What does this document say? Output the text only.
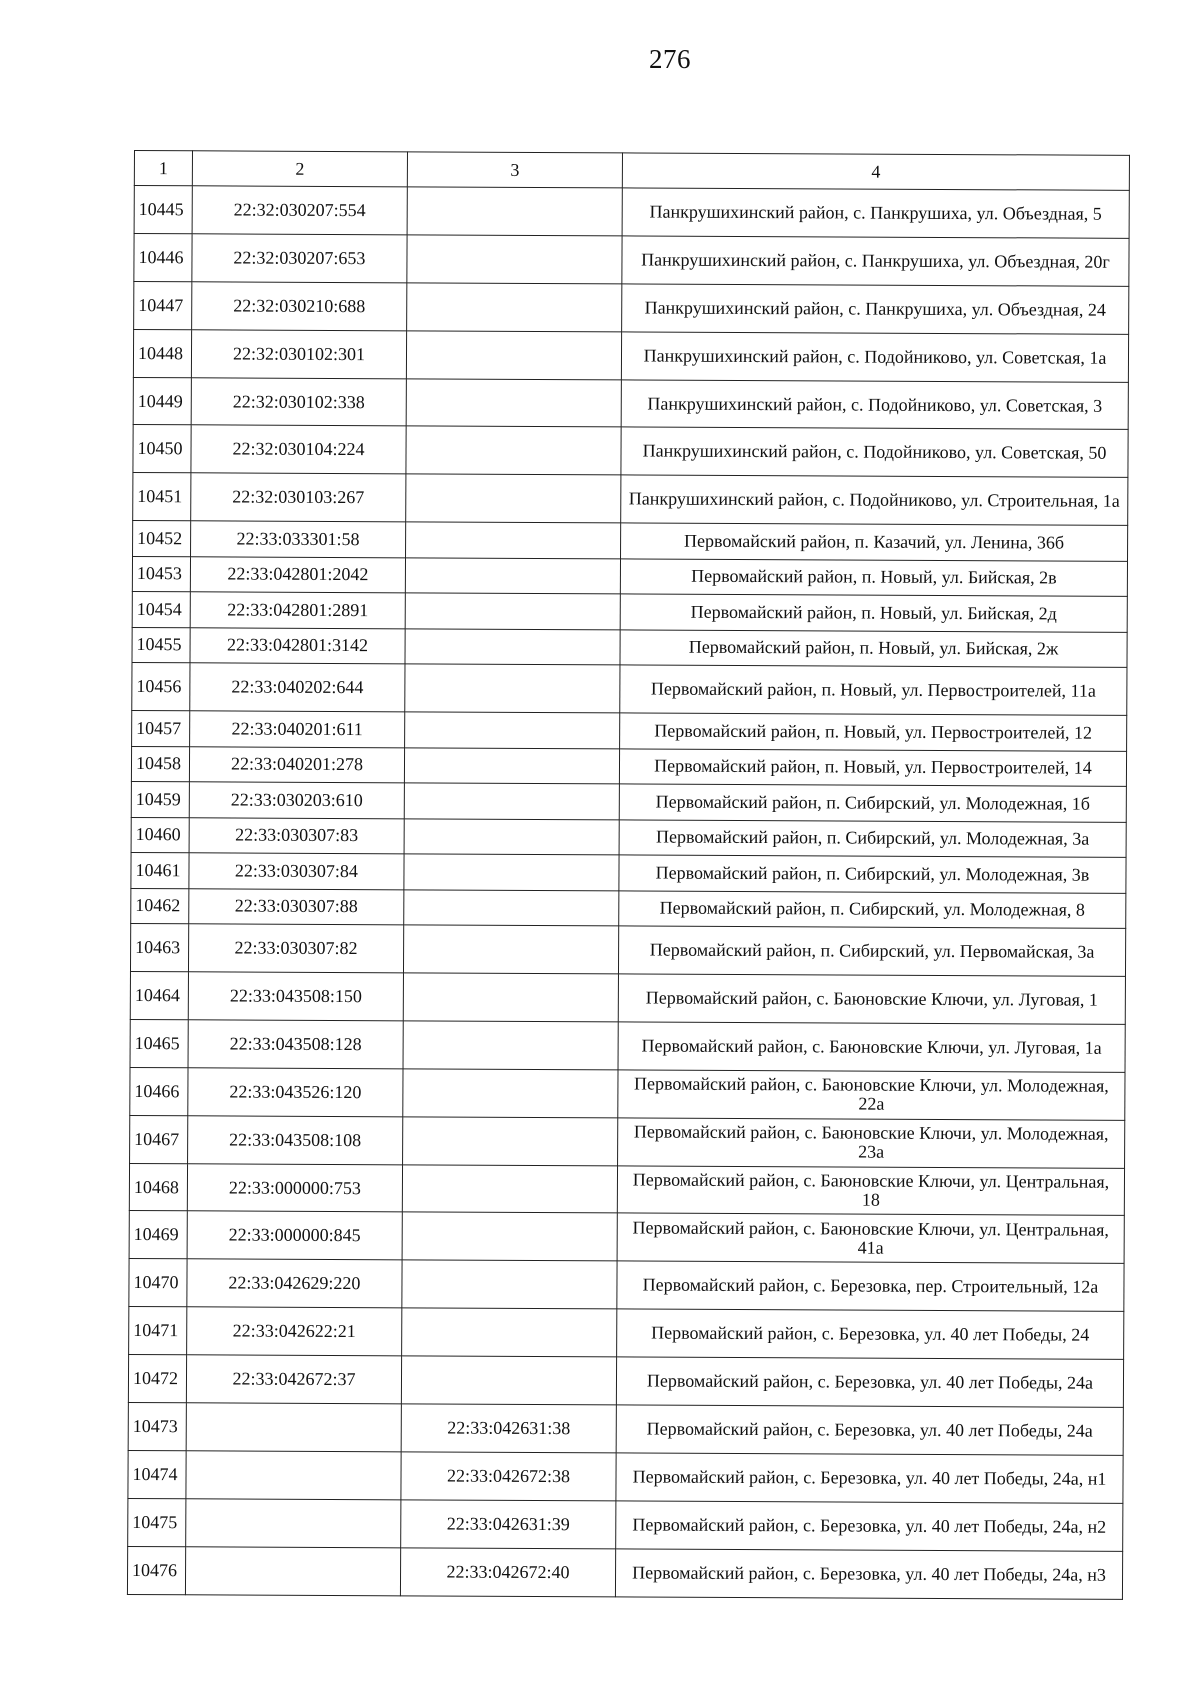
276
1	2	3	4
10445	22:32:030207:554		Панкрушихинский район, с. Панкрушиха, ул. Объездная, 5
10446	22:32:030207:653		Панкрушихинский район, с. Панкрушиха, ул. Объездная, 20г
10447	22:32:030210:688		Панкрушихинский район, с. Панкрушиха, ул. Объездная, 24
10448	22:32:030102:301		Панкрушихинский район, с. Подойниково, ул. Советская, 1а
10449	22:32:030102:338		Панкрушихинский район, с. Подойниково, ул. Советская, 3
10450	22:32:030104:224		Панкрушихинский район, с. Подойниково, ул. Советская, 50
10451	22:32:030103:267		Панкрушихинский район, с. Подойниково, ул. Строительная, 1а
10452	22:33:033301:58		Первомайский район, п. Казачий, ул. Ленина, 36б
10453	22:33:042801:2042		Первомайский район, п. Новый, ул. Бийская, 2в
10454	22:33:042801:2891		Первомайский район, п. Новый, ул. Бийская, 2д
10455	22:33:042801:3142		Первомайский район, п. Новый, ул. Бийская, 2ж
10456	22:33:040202:644		Первомайский район, п. Новый, ул. Первостроителей, 11а
10457	22:33:040201:611		Первомайский район, п. Новый, ул. Первостроителей, 12
10458	22:33:040201:278		Первомайский район, п. Новый, ул. Первостроителей, 14
10459	22:33:030203:610		Первомайский район, п. Сибирский, ул. Молодежная, 1б
10460	22:33:030307:83		Первомайский район, п. Сибирский, ул. Молодежная, 3а
10461	22:33:030307:84		Первомайский район, п. Сибирский, ул. Молодежная, 3в
10462	22:33:030307:88		Первомайский район, п. Сибирский, ул. Молодежная, 8
10463	22:33:030307:82		Первомайский район, п. Сибирский, ул. Первомайская, 3а
10464	22:33:043508:150		Первомайский район, с. Баюновские Ключи, ул. Луговая, 1
10465	22:33:043508:128		Первомайский район, с. Баюновские Ключи, ул. Луговая, 1а
10466	22:33:043526:120		Первомайский район, с. Баюновские Ключи, ул. Молодежная, 22а
10467	22:33:043508:108		Первомайский район, с. Баюновские Ключи, ул. Молодежная, 23а
10468	22:33:000000:753		Первомайский район, с. Баюновские Ключи, ул. Центральная, 18
10469	22:33:000000:845		Первомайский район, с. Баюновские Ключи, ул. Центральная, 41а
10470	22:33:042629:220		Первомайский район, с. Березовка, пер. Строительный, 12а
10471	22:33:042622:21		Первомайский район, с. Березовка, ул. 40 лет Победы, 24
10472	22:33:042672:37		Первомайский район, с. Березовка, ул. 40 лет Победы, 24а
10473		22:33:042631:38	Первомайский район, с. Березовка, ул. 40 лет Победы, 24а
10474		22:33:042672:38	Первомайский район, с. Березовка, ул. 40 лет Победы, 24а, н1
10475		22:33:042631:39	Первомайский район, с. Березовка, ул. 40 лет Победы, 24а, н2
10476		22:33:042672:40	Первомайский район, с. Березовка, ул. 40 лет Победы, 24а, н3
